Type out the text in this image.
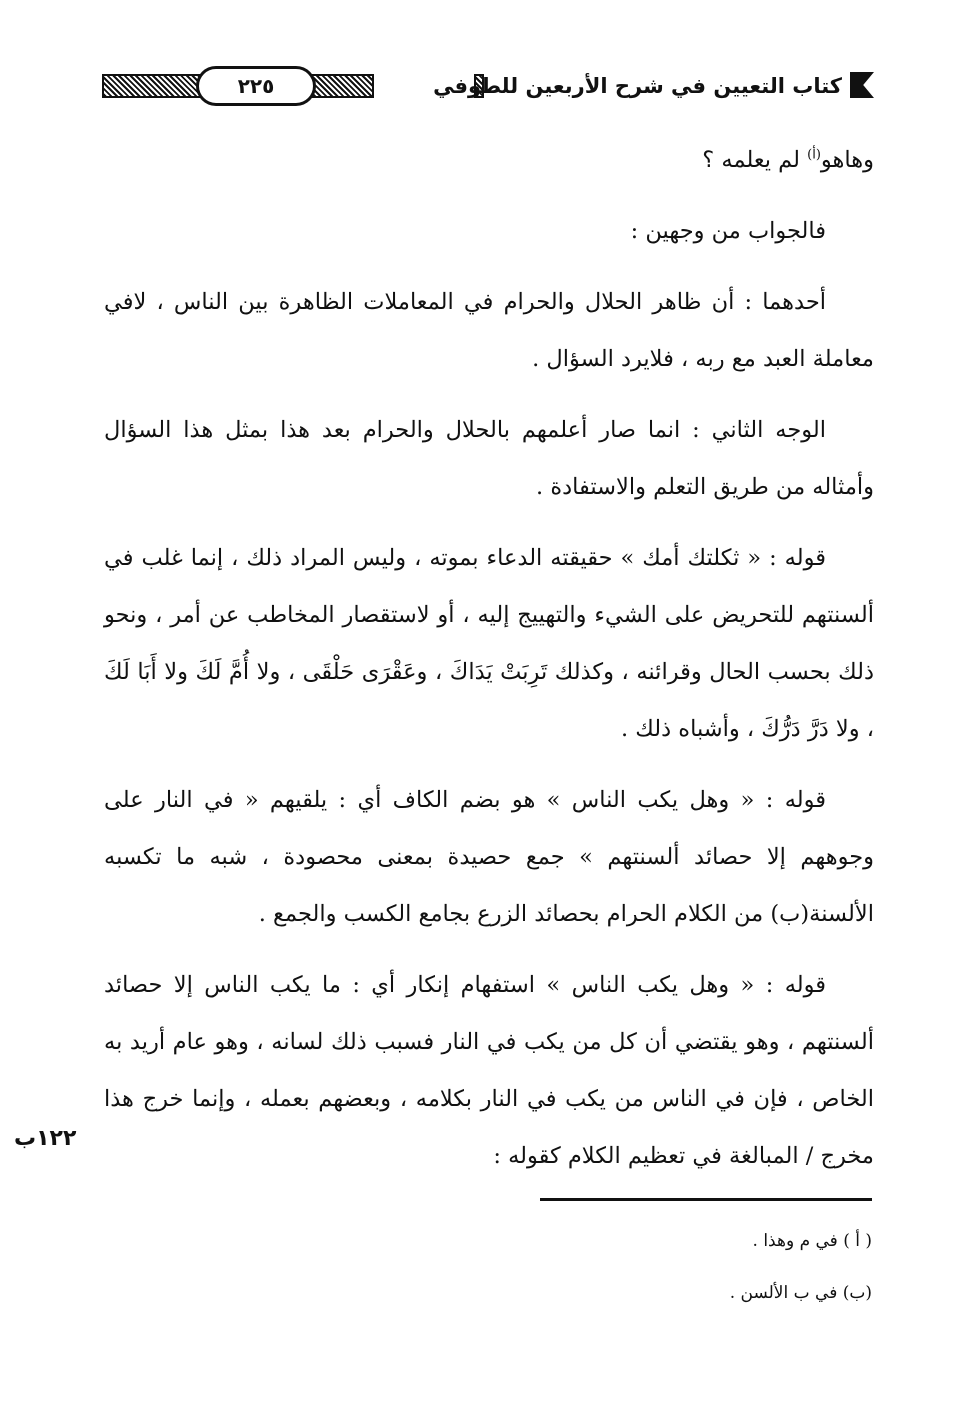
٢٢٥	كتاب التعيين في شرح الأربعين للطوفي

وهاهو$^{(أ)}$ لم يعلمه ؟

فالجواب من وجهين :

أحدهما : أن ظاهر الحلال والحرام في المعاملات الظاهرة بين الناس ، لافي معاملة العبد مع ربه ، فلايرد السؤال .

الوجه الثاني : انما صار أعلمهم بالحلال والحرام بعد هذا بمثل هذا السؤال وأمثاله من طريق التعلم والاستفادة .

قوله : « ثكلتك أمك » حقيقته الدعاء بموته ، وليس المراد ذلك ، إنما غلب في ألسنتهم للتحريض على الشيء والتهييج إليه ، أو لاستقصار المخاطب عن أمر ، ونحو ذلك بحسب الحال وقرائنه ، وكذلك تَرِبَتْ يَدَاكَ ، وعَقْرَى حَلْقَى ، ولا أُمَّ لَكَ ولا أَبَا لَكَ ، ولا دَرَّ دَرُّكَ ، وأشباه ذلك .

قوله : « وهل يكب الناس » هو بضم الكاف أي : يلقيهم « في النار على وجوههم إلا حصائد ألسنتهم » جمع حصيدة بمعنى محصودة ، شبه ما تكسبه الألسنة(ب) من الكلام الحرام بحصائد الزرع بجامع الكسب والجمع .

قوله : « وهل يكب الناس » استفهام إنكار أي : ما يكب الناس إلا حصائد ألسنتهم ، وهو يقتضي أن كل من يكب في النار فسبب ذلك لسانه ، وهو عام أريد به الخاص ، فإن في الناس من يكب في النار بكلامه ، وبعضهم بعمله ، وإنما خرج هذا مخرج / المبالغة في تعظيم الكلام كقوله :

١٢٢ب
( أ ) في م وهذا .
(ب) في ب الألسن .
